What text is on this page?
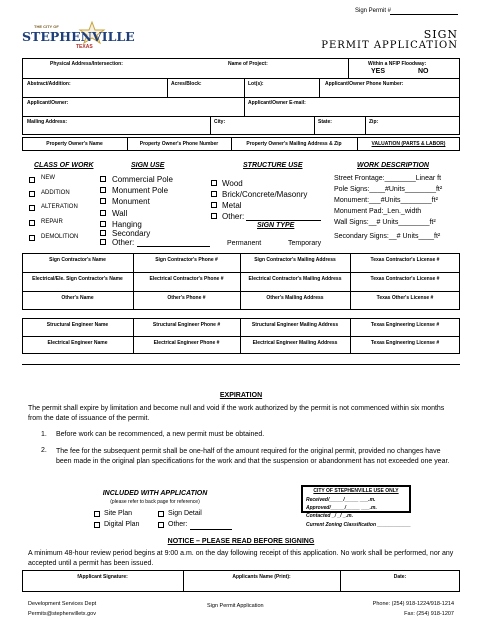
Sign Permit #
THE CITY OF
STEPHENVILLE
TEXAS
SIGN
PERMIT APPLICATION
Physical Address/Intersection:	Name of Project:	Within a NFIP Floodway:
YES	NO
Abstract/Addition:	Acres/Block:	Lot(s):	Applicant/Owner Phone Number:
Applicant/Owner:	Applicant/Owner E-mail:
Mailing Address:	City:	State:	Zip:
Property Owner's Name	Property Owner's Phone Number	Property Owner's Mailing Address & Zip	VALUATION (PARTS & LABOR)
CLASS OF WORK
NEW
ADDITION
ALTERATION
REPAIR
DEMOLITION
SIGN USE
Commercial Pole
Monument Pole
Monument
Wall
Hanging
Secondary
Other:
STRUCTURE USE
Wood
Brick/Concrete/Masonry
Metal
Other:
SIGN TYPE
Permanent	Temporary
WORK DESCRIPTION
Street Frontage:________Linear ft
Pole Signs:____#Units________ft²
Monument:___#Units________ft²
Monument Pad:_Len._width
Wall Signs:__# Units________ft²
Secondary Signs:__# Units____ft²
Sign Contractor's Name	Sign Contractor's Phone #	Sign Contractor's Mailing Address	Texas Contractor's License #
Electrical/Ele. Sign Contractor's Name	Electrical Contractor's Phone #	Electrical Contractor's Mailing Address	Texas Contractor's License #
Other's Name	Other's Phone #	Other's Mailing Address	Texas Other's License #
Structural Engineer Name	Structural Engineer Phone #	Structural Engineer Mailing Address	Texas Engineering License #
Electrical Engineer Name	Electrical Engineer Phone #	Electrical Engineer Mailing Address	Texas Engineering License #
EXPIRATION
The permit shall expire by limitation and become null and void if the work authorized by the permit is not commenced within six months from the date of issuance of the permit.
1. Before work can be recommenced, a new permit must be obtained.
2. The fee for the subsequent permit shall be one-half of the amount required for the original permit, provided no changes have been made in the original plan specifications for the work and that the suspension or abandonment has not exceeded one year.
INCLUDED WITH APPLICATION
(please refer to back page for reference)
Site Plan	Sign Detail
Digital Plan	Other:
CITY OF STEPHENVILLE USE ONLY
Received/_____/_____ ___.m.
Approved/_____/_____ ___.m.
Contacted _/ _/ _.m.
Current Zoning Classification ____________
NOTICE – PLEASE READ BEFORE SIGNING
A minimum 48-hour review period begins at 9:00 a.m. on the day following receipt of this application. No work shall be performed, nor any accepted until a permit has been issued.
fApplicant Signature:	Applicants Name (Print):	Date:
Development Services Dept
Permits@stephenvilletx.gov
Sign Permit Application	Phone: (254) 918-1224/918-1214
Fax: (254) 918-1207
